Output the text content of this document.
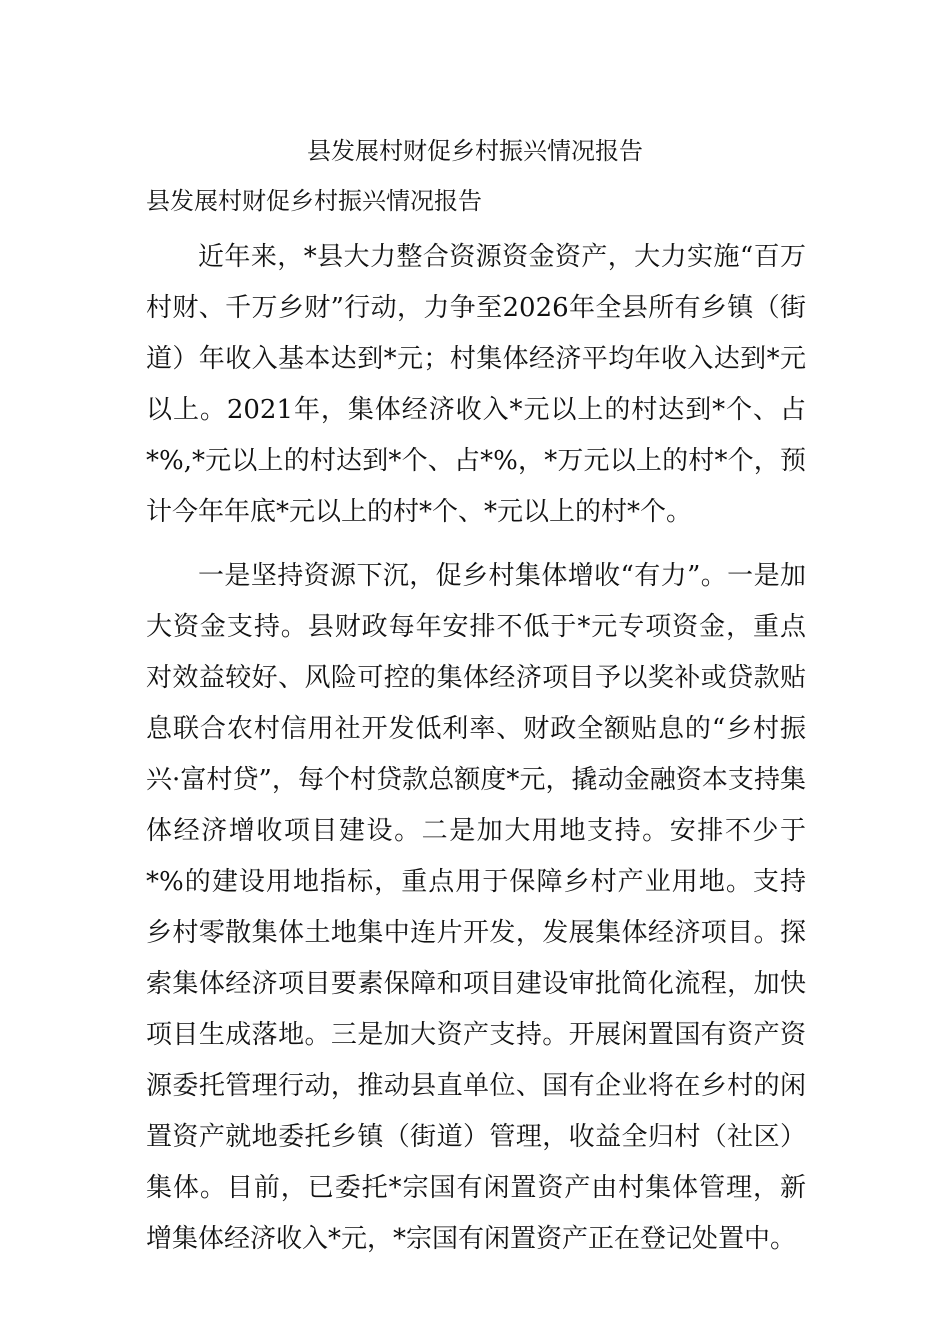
县发展村财促乡村振兴情况报告

县发展村财促乡村振兴情况报告

近年来，*县大力整合资源资金资产，大力实施“百万村财、千万乡财”行动，力争至2026年全县所有乡镇（街道）年收入基本达到*元；村集体经济平均年收入达到*元以上。2021年，集体经济收入*元以上的村达到*个、占*%,*元以上的村达到*个、占*%，*万元以上的村*个，预计今年年底*元以上的村*个、*元以上的村*个。

一是坚持资源下沉，促乡村集体增收“有力”。一是加大资金支持。县财政每年安排不低于*元专项资金，重点对效益较好、风险可控的集体经济项目予以奖补或贷款贴息联合农村信用社开发低利率、财政全额贴息的“乡村振兴·富村贷”，每个村贷款总额度*元，撬动金融资本支持集体经济增收项目建设。二是加大用地支持。安排不少于*%的建设用地指标，重点用于保障乡村产业用地。支持乡村零散集体土地集中连片开发，发展集体经济项目。探索集体经济项目要素保障和项目建设审批简化流程，加快项目生成落地。三是加大资产支持。开展闲置国有资产资源委托管理行动，推动县直单位、国有企业将在乡村的闲置资产就地委托乡镇（街道）管理，收益全归村（社区）集体。目前，已委托*宗国有闲置资产由村集体管理，新增集体经济收入*元，*宗国有闲置资产正在登记处置中。
